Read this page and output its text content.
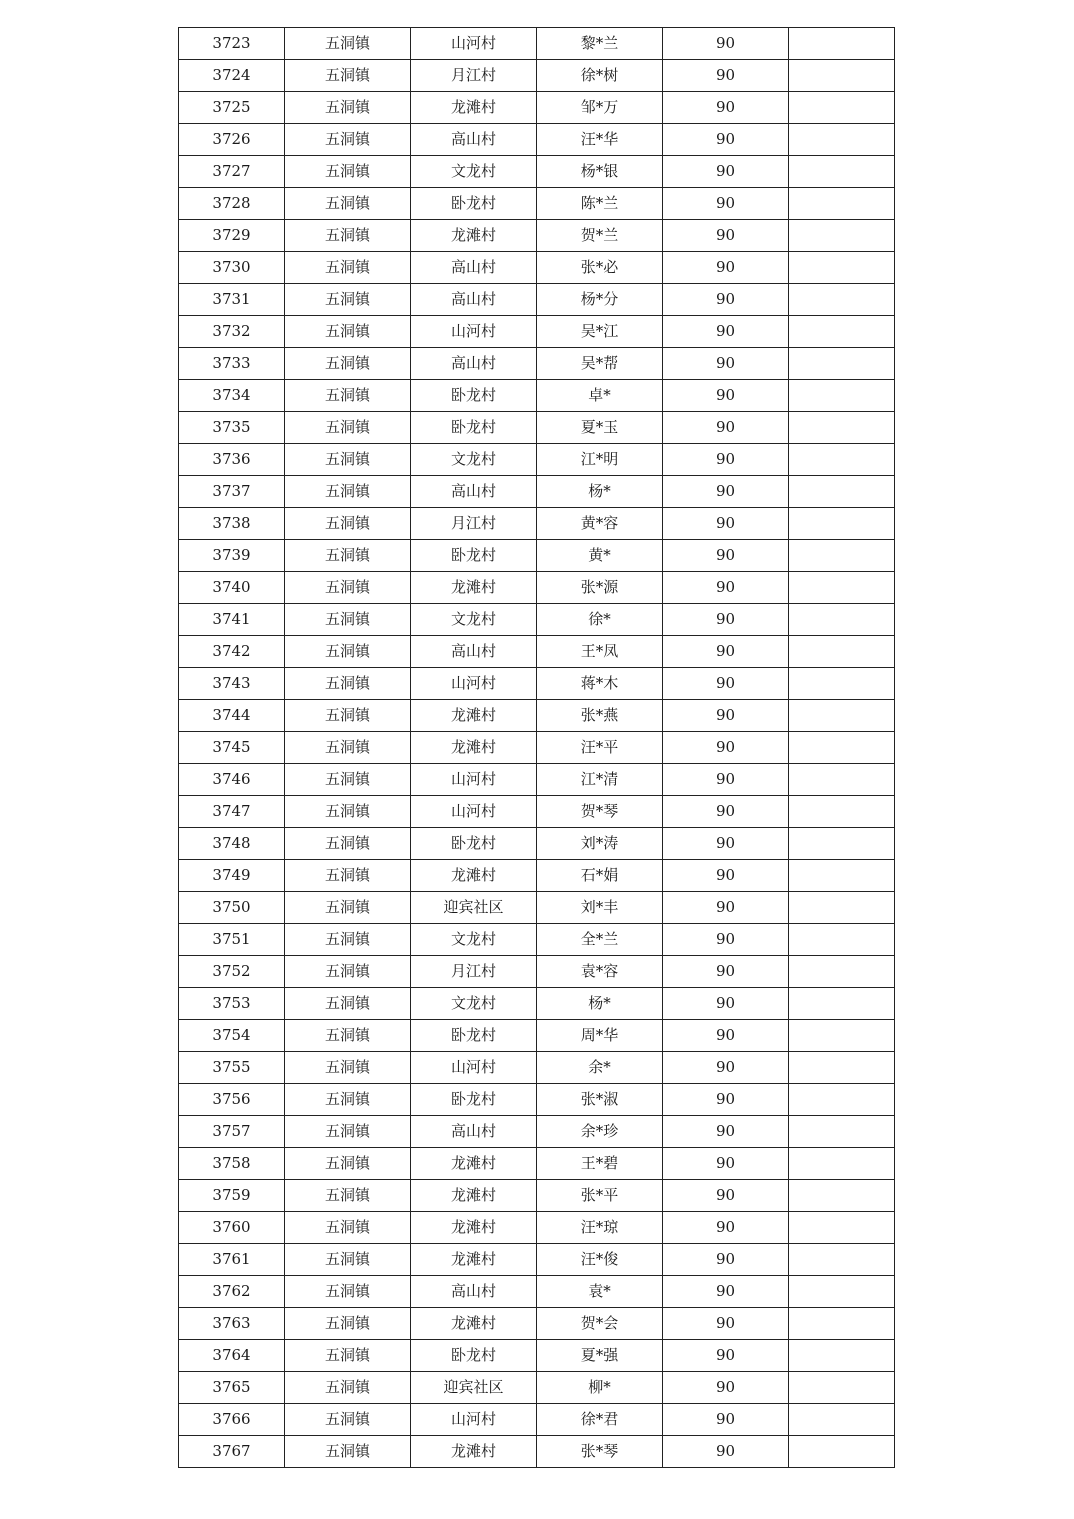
3723	五洞镇	山河村	黎*兰	90	
3724	五洞镇	月江村	徐*树	90	
3725	五洞镇	龙滩村	邹*万	90	
3726	五洞镇	高山村	汪*华	90	
3727	五洞镇	文龙村	杨*银	90	
3728	五洞镇	卧龙村	陈*兰	90	
3729	五洞镇	龙滩村	贺*兰	90	
3730	五洞镇	高山村	张*必	90	
3731	五洞镇	高山村	杨*分	90	
3732	五洞镇	山河村	吴*江	90	
3733	五洞镇	高山村	吴*帮	90	
3734	五洞镇	卧龙村	卓*	90	
3735	五洞镇	卧龙村	夏*玉	90	
3736	五洞镇	文龙村	江*明	90	
3737	五洞镇	高山村	杨*	90	
3738	五洞镇	月江村	黄*容	90	
3739	五洞镇	卧龙村	黄*	90	
3740	五洞镇	龙滩村	张*源	90	
3741	五洞镇	文龙村	徐*	90	
3742	五洞镇	高山村	王*凤	90	
3743	五洞镇	山河村	蒋*木	90	
3744	五洞镇	龙滩村	张*燕	90	
3745	五洞镇	龙滩村	汪*平	90	
3746	五洞镇	山河村	江*清	90	
3747	五洞镇	山河村	贺*琴	90	
3748	五洞镇	卧龙村	刘*涛	90	
3749	五洞镇	龙滩村	石*娟	90	
3750	五洞镇	迎宾社区	刘*丰	90	
3751	五洞镇	文龙村	全*兰	90	
3752	五洞镇	月江村	袁*容	90	
3753	五洞镇	文龙村	杨*	90	
3754	五洞镇	卧龙村	周*华	90	
3755	五洞镇	山河村	余*	90	
3756	五洞镇	卧龙村	张*淑	90	
3757	五洞镇	高山村	余*珍	90	
3758	五洞镇	龙滩村	王*碧	90	
3759	五洞镇	龙滩村	张*平	90	
3760	五洞镇	龙滩村	汪*琼	90	
3761	五洞镇	龙滩村	汪*俊	90	
3762	五洞镇	高山村	袁*	90	
3763	五洞镇	龙滩村	贺*会	90	
3764	五洞镇	卧龙村	夏*强	90	
3765	五洞镇	迎宾社区	柳*	90	
3766	五洞镇	山河村	徐*君	90	
3767	五洞镇	龙滩村	张*琴	90	
